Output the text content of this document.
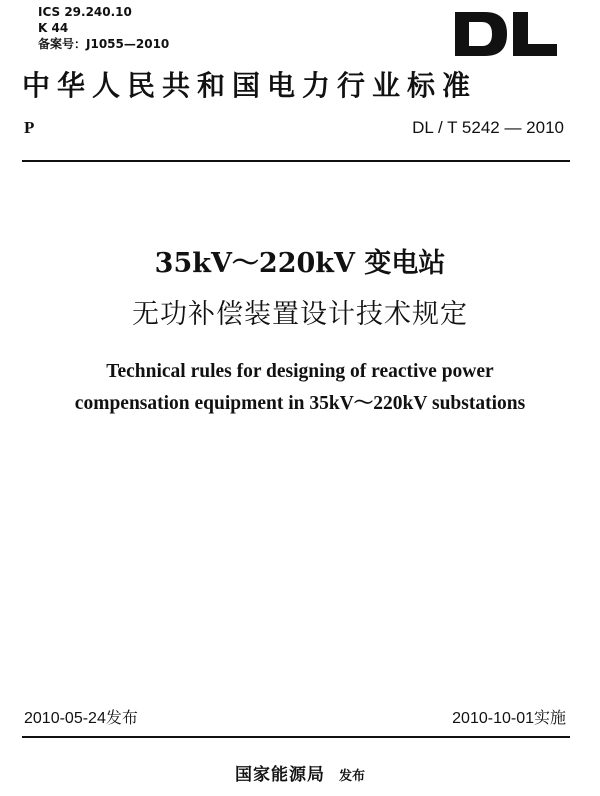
ICS 29.240.10
K 44
备案号：J1055—2010
中华人民共和国电力行业标准
P	DL / T 5242 — 2010
35kV～220kV 变电站
无功补偿装置设计技术规定
Technical rules for designing of reactive power
compensation equipment in 35kV～220kV substations
2010-05-24发布	2010-10-01实施
国家能源局 发布
